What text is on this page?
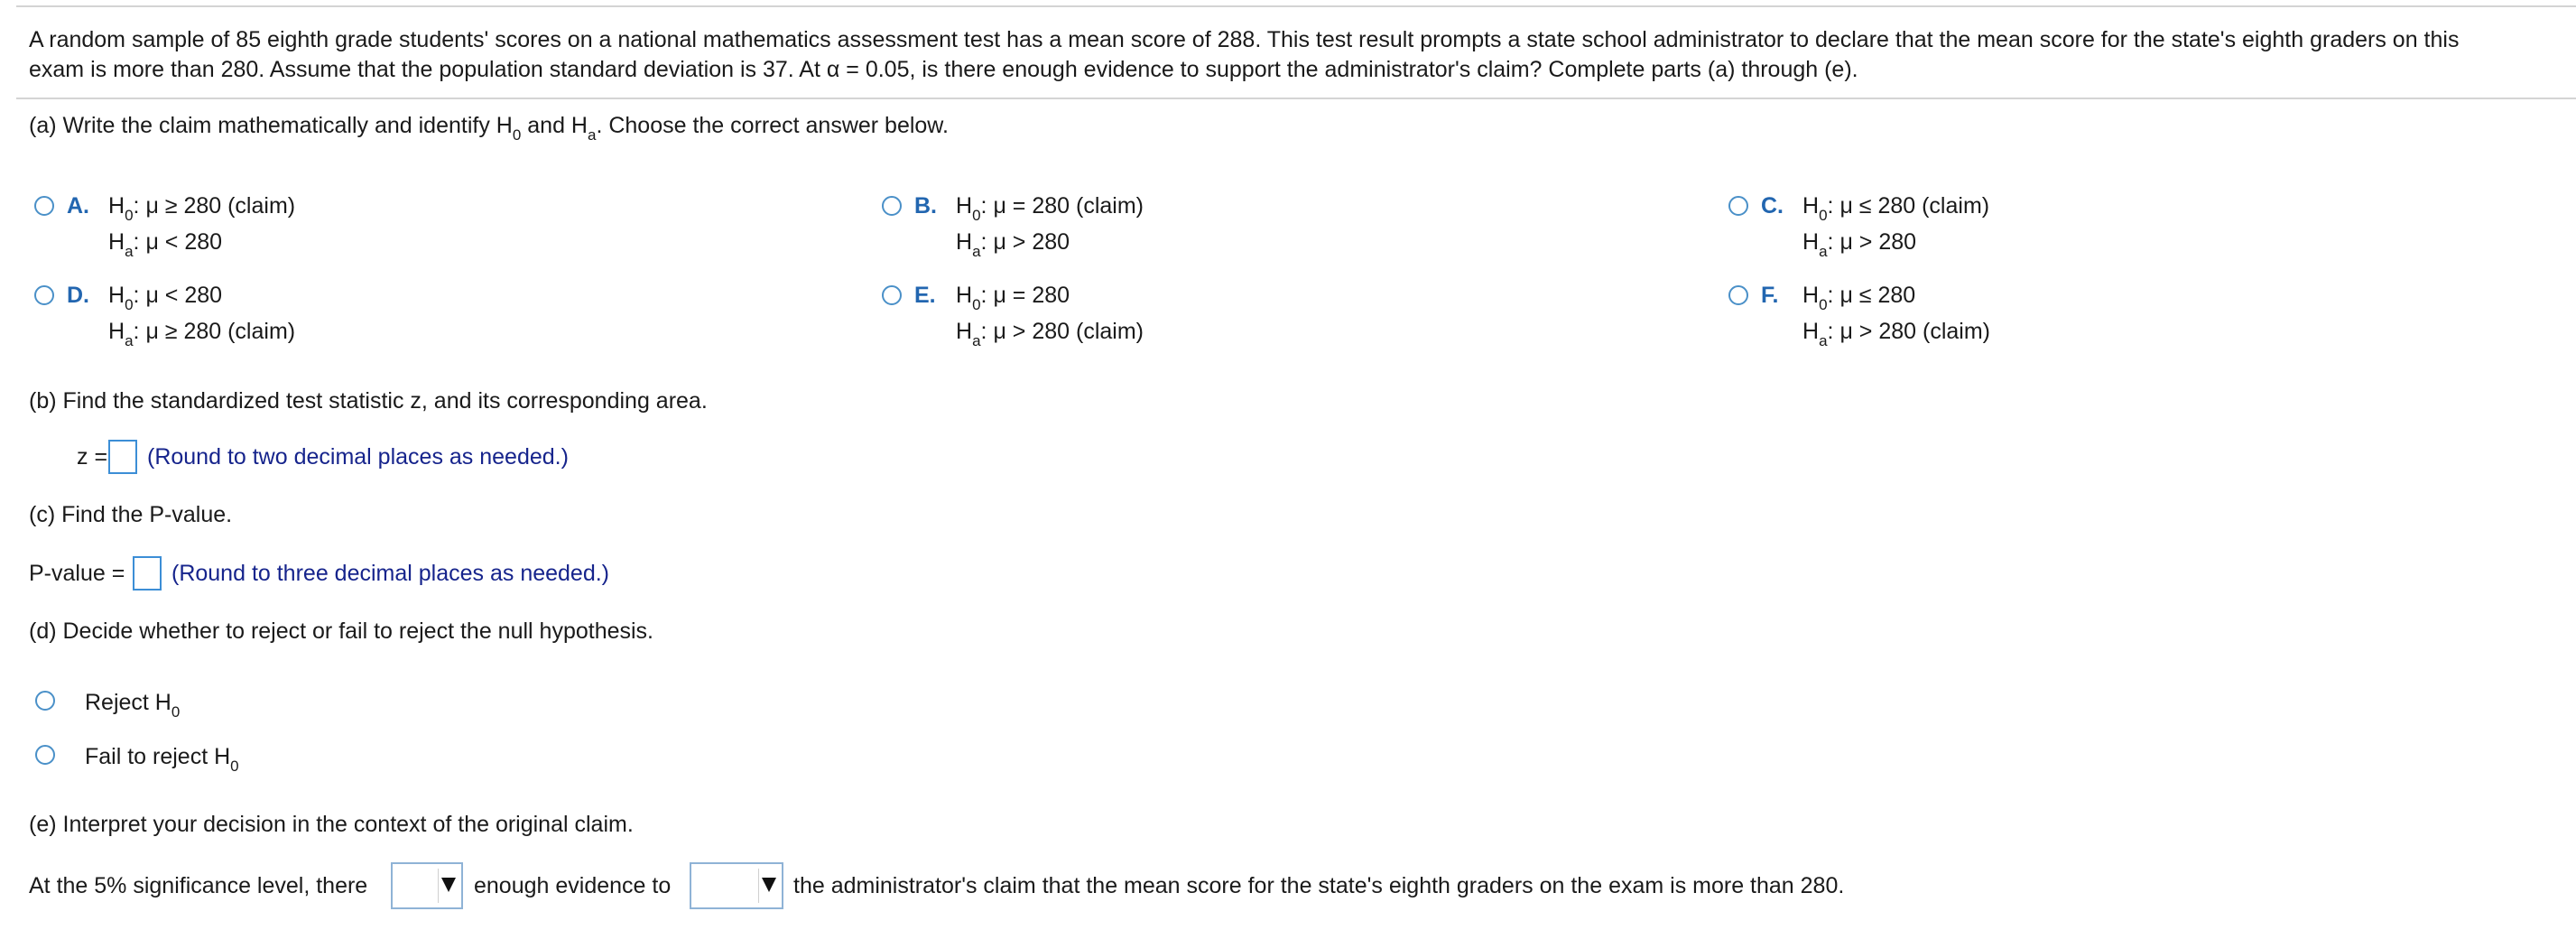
A random sample of 85 eighth grade students' scores on a national mathematics assessment test has a mean score of 288. This test result prompts a state school administrator to declare that the mean score for the state's eighth graders on this
exam is more than 280. Assume that the population standard deviation is 37. At α = 0.05, is there enough evidence to support the administrator's claim? Complete parts (a) through (e).
(a) Write the claim mathematically and identify $H_0$ and $H_a$. Choose the correct answer below.
A. $H_0$: μ ≥ 280 (claim)
$H_a$: μ < 280
B. $H_0$: μ = 280 (claim)
$H_a$: μ > 280
C. $H_0$: μ ≤ 280 (claim)
$H_a$: μ > 280
D. $H_0$: μ < 280
$H_a$: μ ≥ 280 (claim)
E. $H_0$: μ = 280
$H_a$: μ > 280 (claim)
F. $H_0$: μ ≤ 280
$H_a$: μ > 280 (claim)
(b) Find the standardized test statistic z, and its corresponding area.
z = (Round to two decimal places as needed.)
(c) Find the P-value.
P-value = (Round to three decimal places as needed.)
(d) Decide whether to reject or fail to reject the null hypothesis.
Reject $H_0$
Fail to reject $H_0$
(e) Interpret your decision in the context of the original claim.
At the 5% significance level, there	enough evidence to	the administrator's claim that the mean score for the state's eighth graders on the exam is more than 280.
